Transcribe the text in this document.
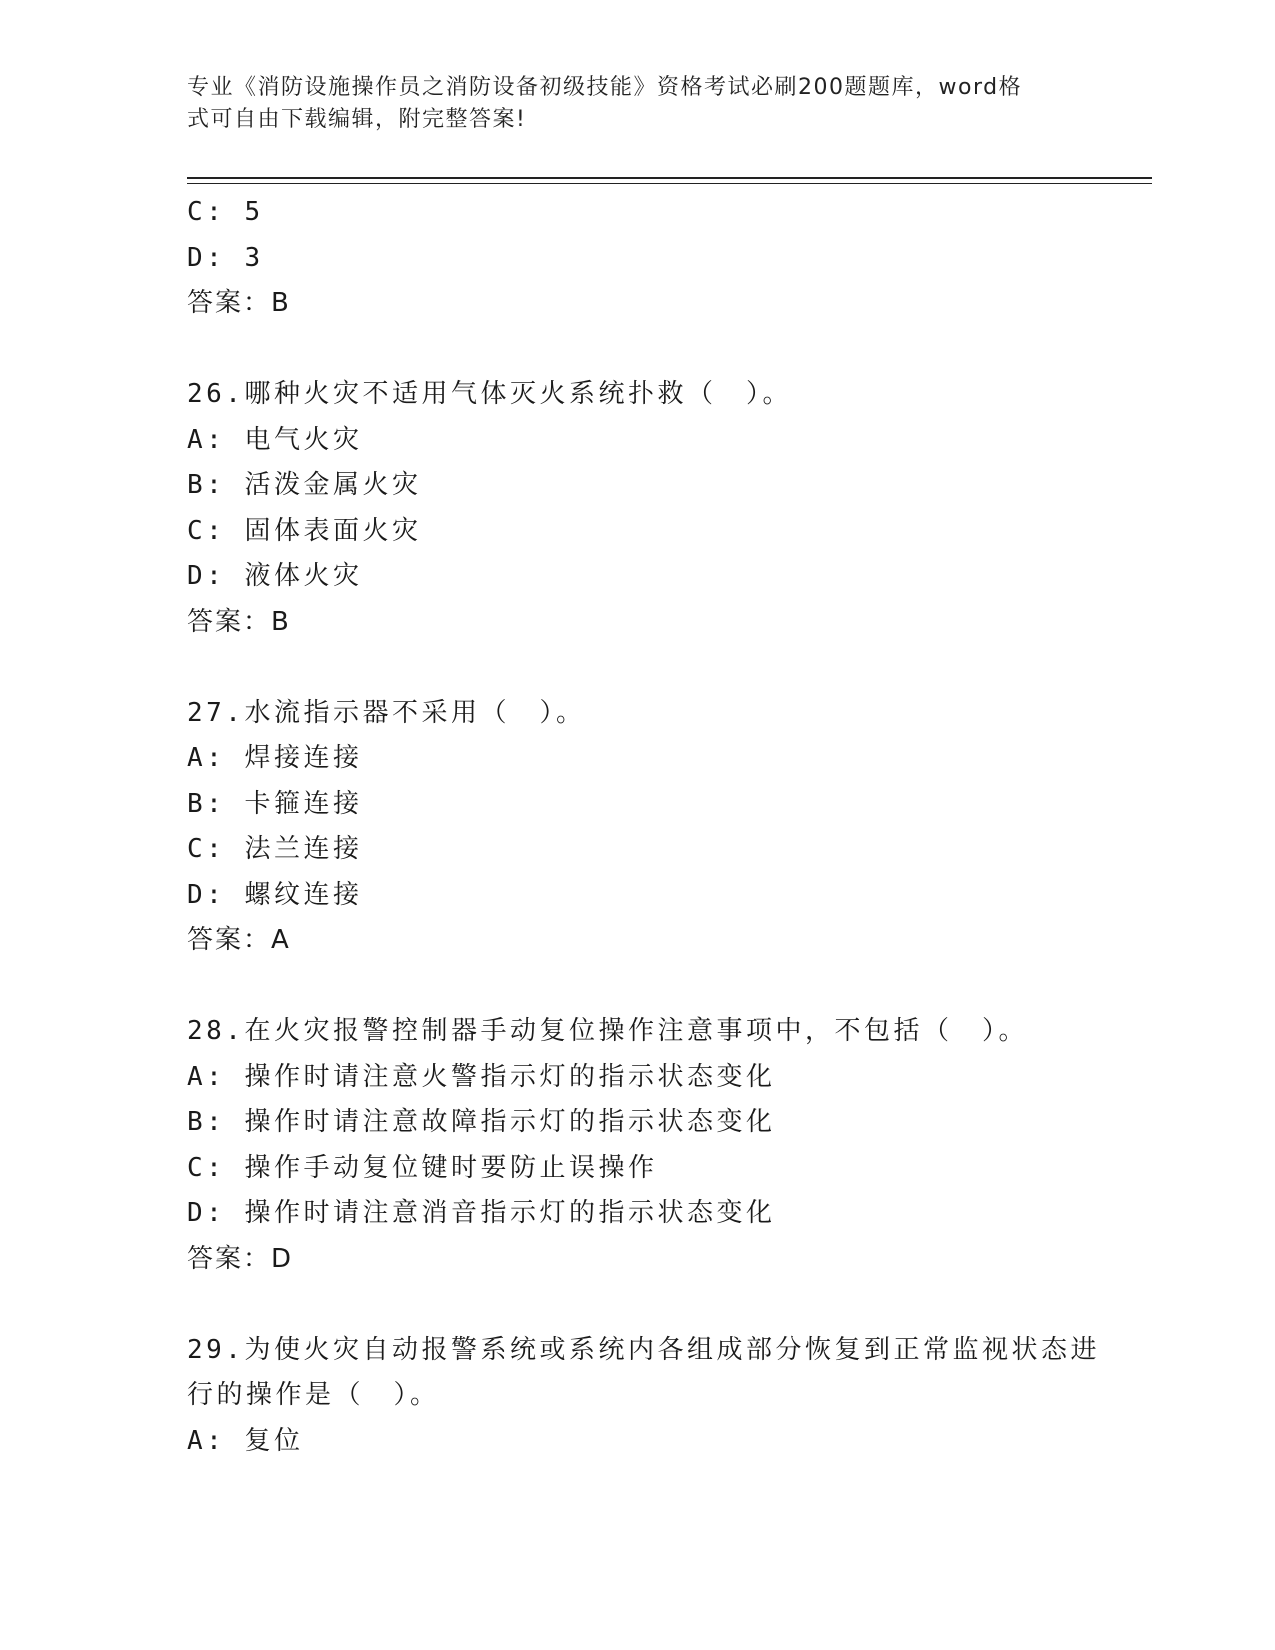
专业《消防设施操作员之消防设备初级技能》资格考试必刷200题题库，word格
式可自由下载编辑，附完整答案!
C: 5
D: 3
答案：B
26.哪种火灾不适用气体灭火系统扑救（　）。
A: 电气火灾
B: 活泼金属火灾
C: 固体表面火灾
D: 液体火灾
答案：B
27.水流指示器不采用（　）。
A: 焊接连接
B: 卡箍连接
C: 法兰连接
D: 螺纹连接
答案：A
28.在火灾报警控制器手动复位操作注意事项中，不包括（　）。
A: 操作时请注意火警指示灯的指示状态变化
B: 操作时请注意故障指示灯的指示状态变化
C: 操作手动复位键时要防止误操作
D: 操作时请注意消音指示灯的指示状态变化
答案：D
29.为使火灾自动报警系统或系统内各组成部分恢复到正常监视状态进
行的操作是（　）。
A: 复位
